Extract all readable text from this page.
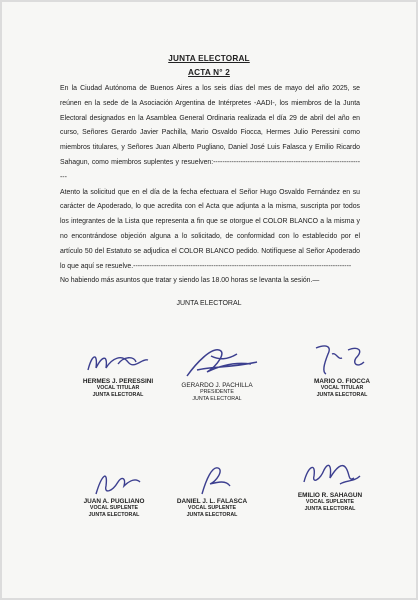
JUNTA ELECTORAL
ACTA N° 2

En la Ciudad Autónoma de Buenos Aires a los seis días del mes de mayo del año 2025, se reúnen en la sede de la Asociación Argentina de Intérpretes -AADI-, los miembros de la Junta Electoral designados en la Asamblea General Ordinaria realizada el día 29 de abril del año en curso, Señores Gerardo Javier Pachilla, Mario Osvaldo Fiocca, Hermes Julio Peressini como miembros titulares, y Señores Juan Alberto Pugliano, Daniel José Luis Falasca y Emilio Ricardo Sahagun, como miembros suplentes y resuelven:-------------------------------------------------------------------

Atento la solicitud que en el día de la fecha efectuara el Señor Hugo Osvaldo Fernández en su carácter de Apoderado, lo que acredita con el Acta que adjunta a la misma, suscripta por todos los integrantes de la Lista que representa a fin que se otorgue el COLOR BLANCO a la misma y no encontrándose objeción alguna a lo solicitado, de conformidad con lo establecido por el artículo 50 del Estatuto se adjudica el COLOR BLANCO pedido. Notifíquese al Señor Apoderado lo que aquí se resuelve.-----------------------------------------------------------------------------------------------

No habiendo más asuntos que tratar y siendo las 18.00 horas se levanta la sesión.—
JUNTA ELECTORAL
HERMES J. PERESSINI
VOCAL TITULAR
JUNTA ELECTORAL
GERARDO J. PACHILLA
PRESIDENTE
JUNTA ELECTORAL
MARIO O. FIOCCA
VOCAL TITULAR
JUNTA ELECTORAL
JUAN A. PUGLIANO
VOCAL SUPLENTE
JUNTA ELECTORAL
DANIEL J. L. FALASCA
VOCAL SUPLENTE
JUNTA ELECTORAL
EMILIO R. SAHAGUN
VOCAL SUPLENTE
JUNTA ELECTORAL
